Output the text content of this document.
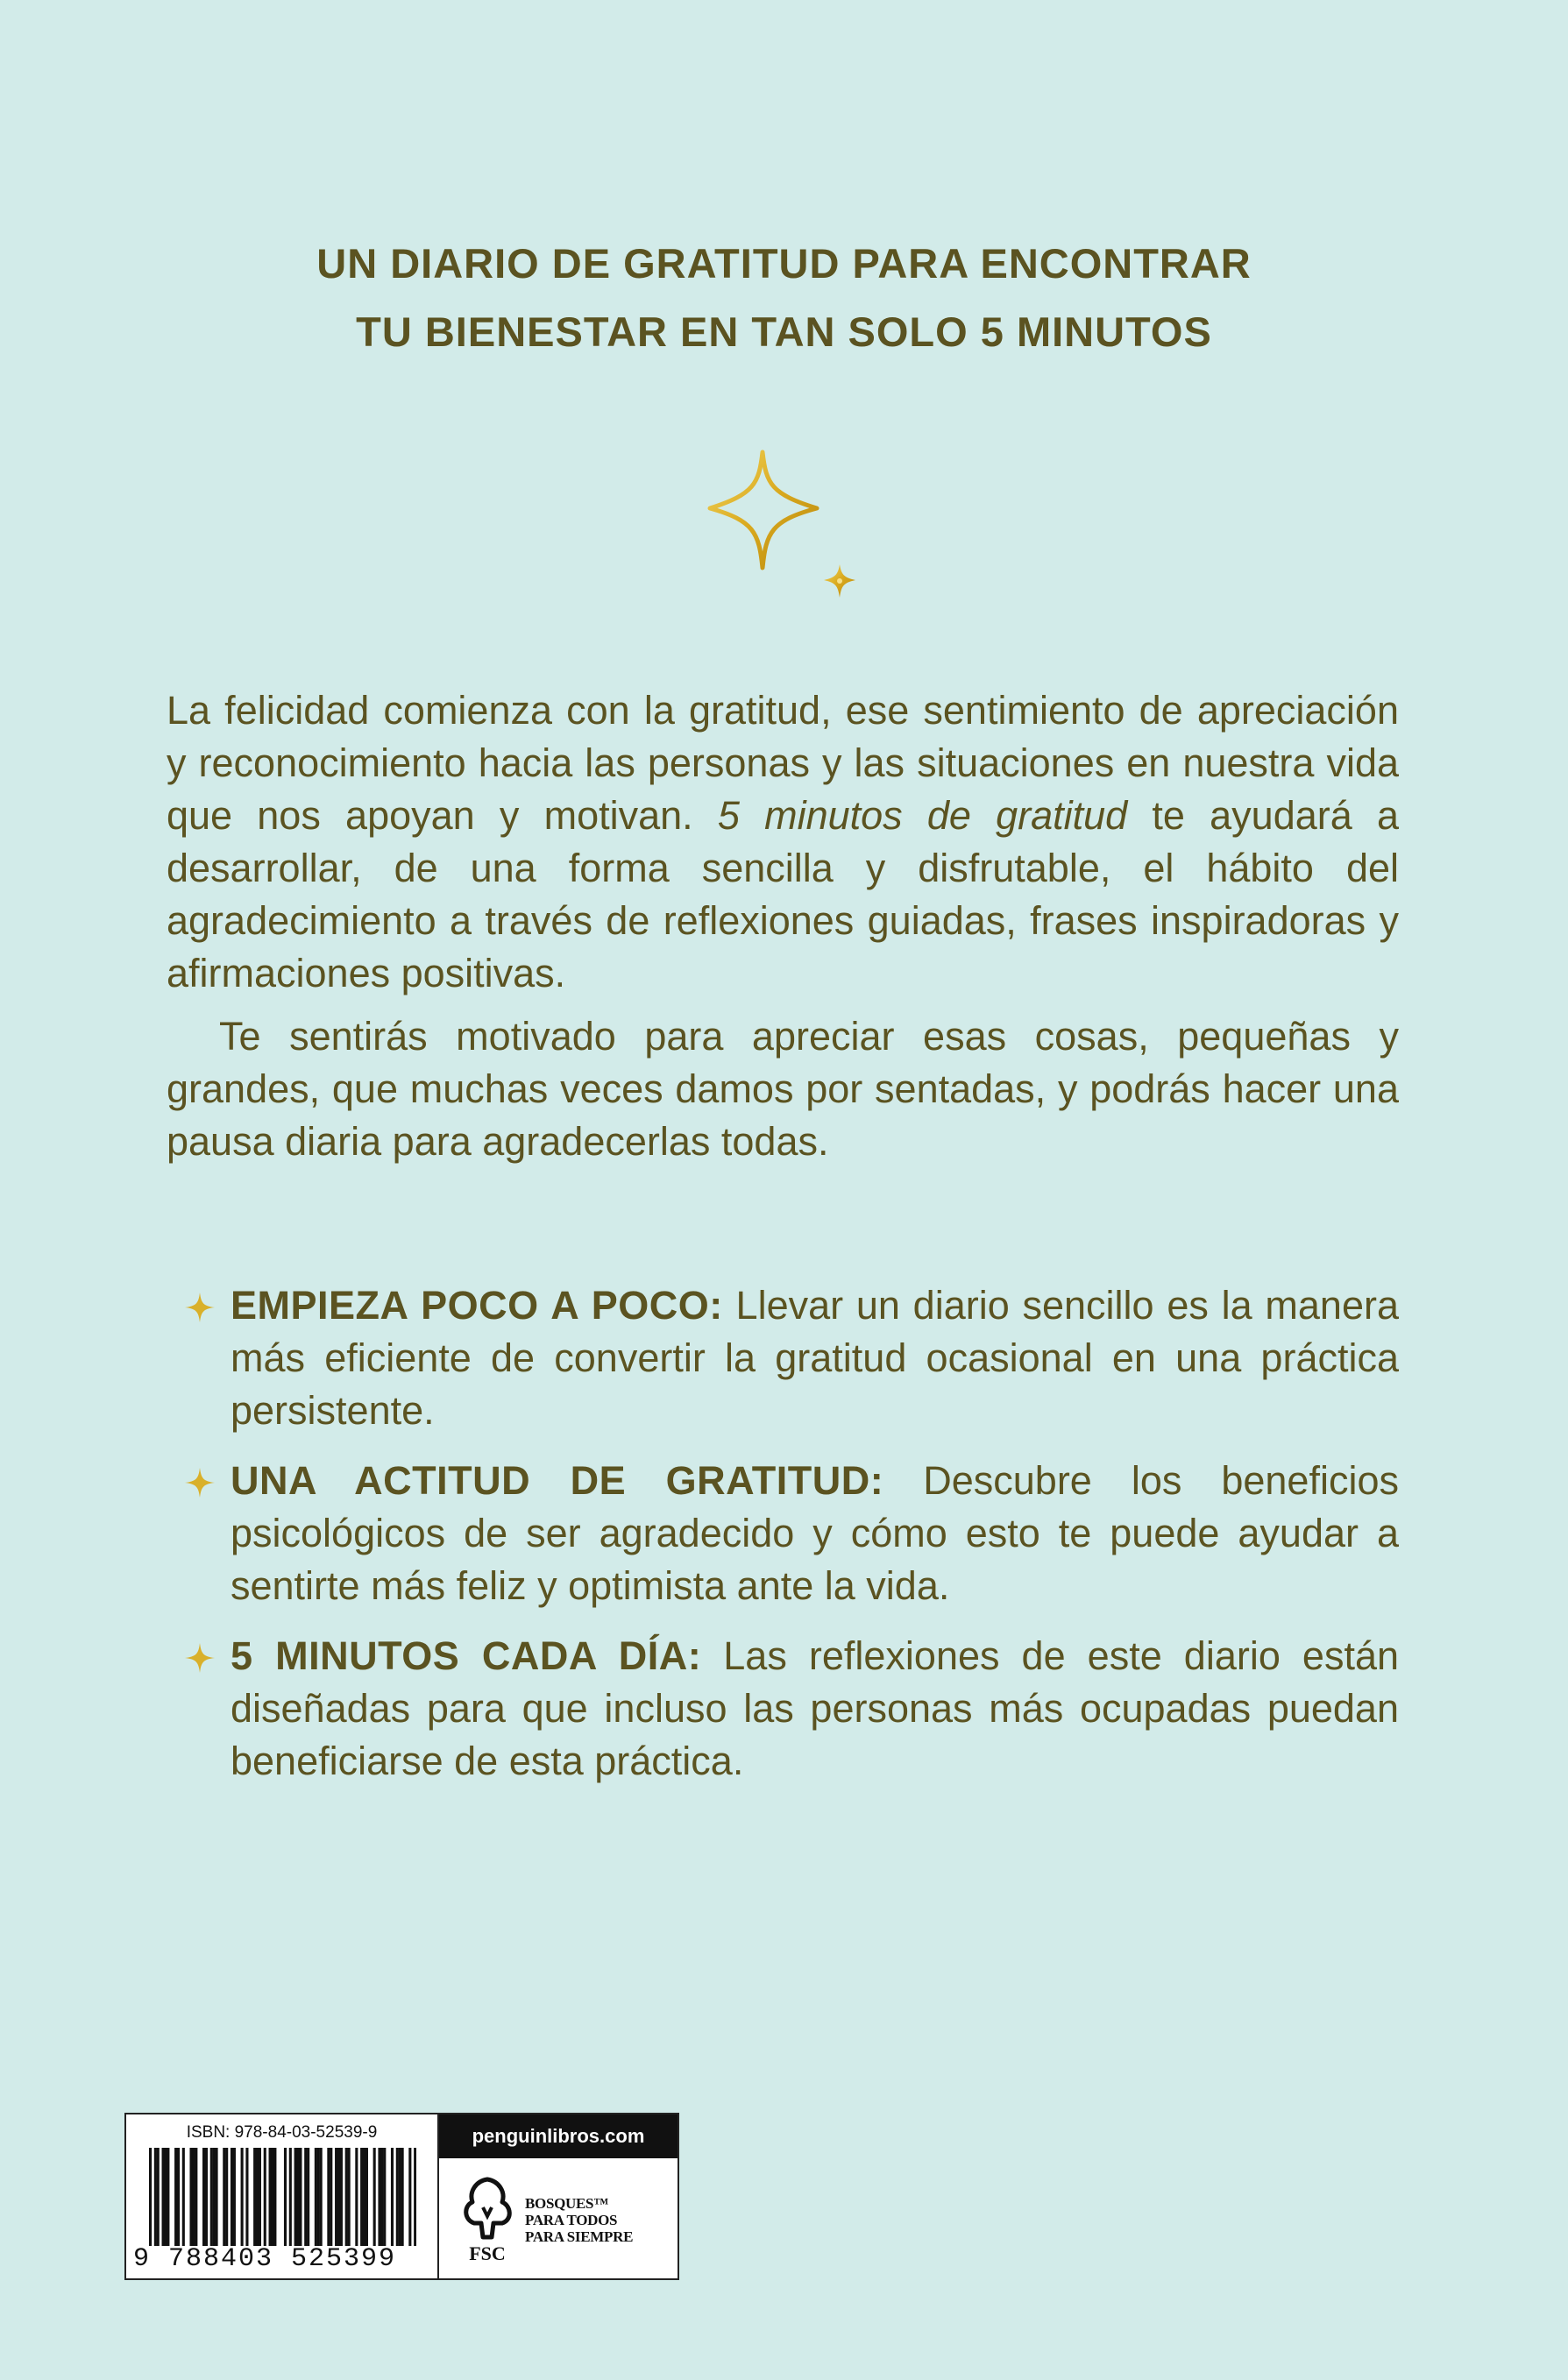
UN DIARIO DE GRATITUD PARA ENCONTRAR
TU BIENESTAR EN TAN SOLO 5 MINUTOS

La felicidad comienza con la gratitud, ese sentimiento de apreciación y reconocimiento hacia las personas y las situaciones en nuestra vida que nos apoyan y motivan. 5 minutos de gratitud te ayudará a desarrollar, de una forma sencilla y disfrutable, el hábito del agradecimiento a través de reflexiones guiadas, frases inspiradoras y afirmaciones positivas.

Te sentirás motivado para apreciar esas cosas, pequeñas y grandes, que muchas veces damos por sentadas, y podrás hacer una pausa diaria para agradecerlas todas.

EMPIEZA POCO A POCO: Llevar un diario sencillo es la manera más eficiente de convertir la gratitud ocasional en una práctica persistente.
UNA ACTITUD DE GRATITUD: Descubre los beneficios psicológicos de ser agradecido y cómo esto te puede ayudar a sentirte más feliz y optimista ante la vida.
5 MINUTOS CADA DÍA: Las reflexiones de este diario están diseñadas para que incluso las personas más ocupadas puedan beneficiarse de esta práctica.
ISBN: 978-84-03-52539-9
9 788403 525399
penguinlibros.com
FSC
BOSQUES™
PARA TODOS
PARA SIEMPRE
